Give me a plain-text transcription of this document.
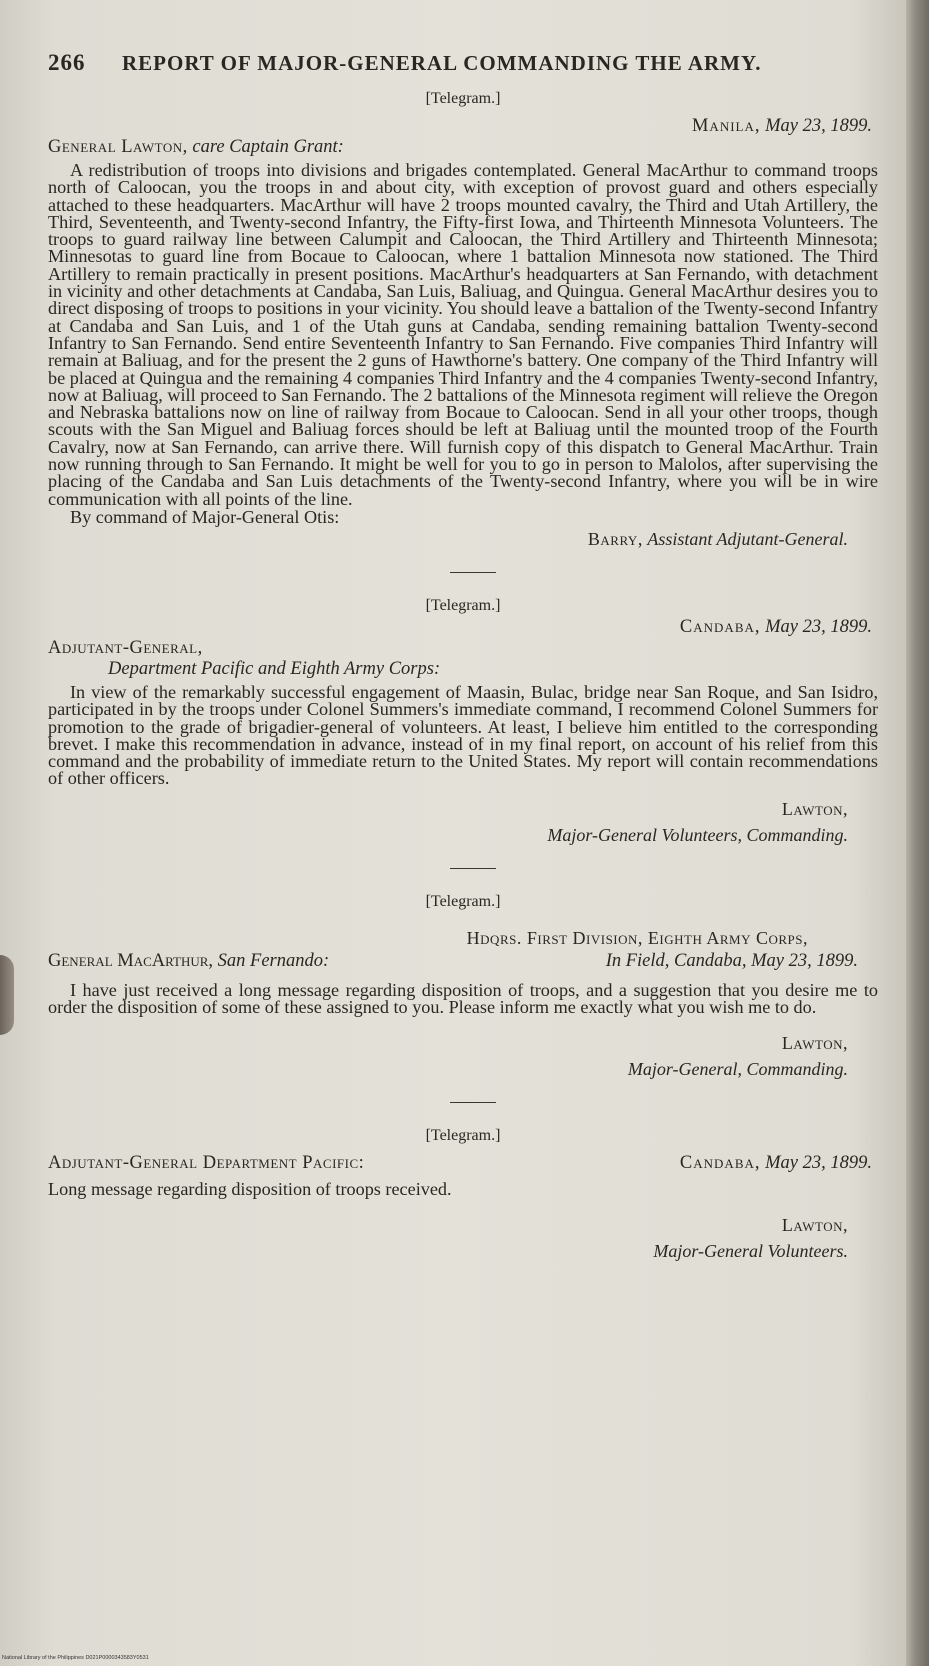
266	REPORT OF MAJOR-GENERAL COMMANDING THE ARMY.
[Telegram.]
Manila, May 23, 1899.
General Lawton, care Captain Grant:

A redistribution of troops into divisions and brigades contemplated. General MacArthur to command troops north of Caloocan, you the troops in and about city, with exception of provost guard and others especially attached to these headquarters. MacArthur will have 2 troops mounted cavalry, the Third and Utah Artillery, the Third, Seventeenth, and Twenty-second Infantry, the Fifty-first Iowa, and Thirteenth Minnesota Volunteers. The troops to guard railway line between Calumpit and Caloocan, the Third Artillery and Thirteenth Minnesota; Minnesotas to guard line from Bocaue to Caloocan, where 1 battalion Minnesota now stationed. The Third Artillery to remain practically in present positions. MacArthur's headquarters at San Fernando, with detachment in vicinity and other detachments at Candaba, San Luis, Baliuag, and Quingua. General MacArthur desires you to direct disposing of troops to positions in your vicinity. You should leave a battalion of the Twenty-second Infantry at Candaba and San Luis, and 1 of the Utah guns at Candaba, sending remaining battalion Twenty-second Infantry to San Fernando. Send entire Seventeenth Infantry to San Fernando. Five companies Third Infantry will remain at Baliuag, and for the present the 2 guns of Hawthorne's battery. One company of the Third Infantry will be placed at Quingua and the remaining 4 companies Third Infantry and the 4 companies Twenty-second Infantry, now at Baliuag, will proceed to San Fernando. The 2 battalions of the Minnesota regiment will relieve the Oregon and Nebraska battalions now on line of railway from Bocaue to Caloocan. Send in all your other troops, though scouts with the San Miguel and Baliuag forces should be left at Baliuag until the mounted troop of the Fourth Cavalry, now at San Fernando, can arrive there. Will furnish copy of this dispatch to General MacArthur. Train now running through to San Fernando. It might be well for you to go in person to Malolos, after supervising the placing of the Candaba and San Luis detachments of the Twenty-second Infantry, where you will be in wire communication with all points of the line.

By command of Major-General Otis:
Barry, Assistant Adjutant-General.
[Telegram.]
Candaba, May 23, 1899.
Adjutant-General,
Department Pacific and Eighth Army Corps:

In view of the remarkably successful engagement of Maasin, Bulac, bridge near San Roque, and San Isidro, participated in by the troops under Colonel Summers's immediate command, I recommend Colonel Summers for promotion to the grade of brigadier-general of volunteers. At least, I believe him entitled to the corresponding brevet. I make this recommendation in advance, instead of in my final report, on account of his relief from this command and the probability of immediate return to the United States. My report will contain recommendations of other officers.

Lawton,
Major-General Volunteers, Commanding.
[Telegram.]
Hdqrs. First Division, Eighth Army Corps,
General MacArthur, San Fernando:	In Field, Candaba, May 23, 1899.

I have just received a long message regarding disposition of troops, and a suggestion that you desire me to order the disposition of some of these assigned to you. Please inform me exactly what you wish me to do.

Lawton,
Major-General, Commanding.
[Telegram.]
Adjutant-General Department Pacific:	Candaba, May 23, 1899.
Long message regarding disposition of troops received.
Lawton,
Major-General Volunteers.
National Library of the Philippines D021P0000343583Y0531
